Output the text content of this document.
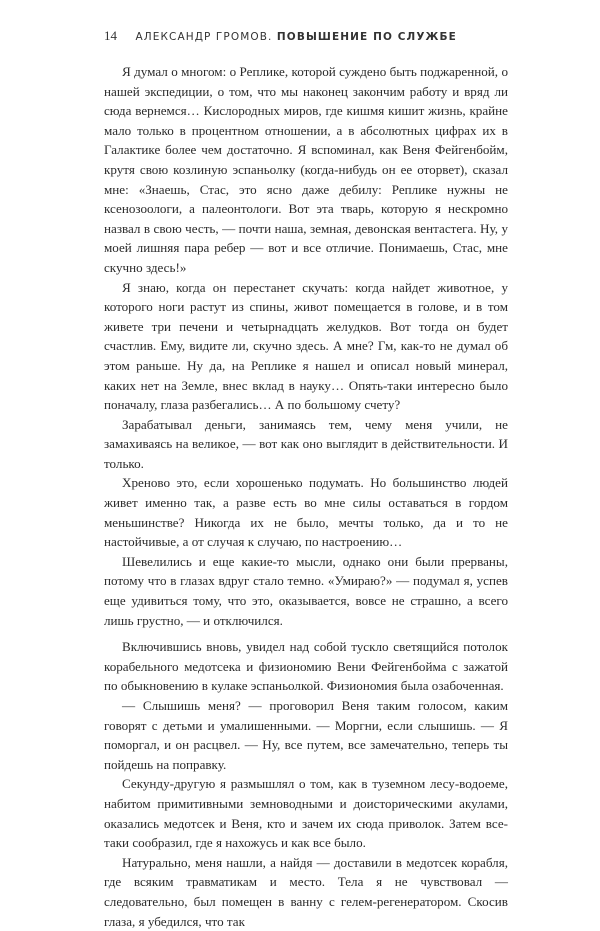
14 АЛЕКСАНДР ГРОМОВ. ПОВЫШЕНИЕ ПО СЛУЖБЕ

Я думал о многом: о Реплике, которой суждено быть поджаренной, о нашей экспедиции, о том, что мы наконец закончим работу и вряд ли сюда вернемся… Кислородных миров, где кишмя кишит жизнь, крайне мало только в процентном отношении, а в абсолютных цифрах их в Галактике более чем достаточно. Я вспоминал, как Веня Фейгенбойм, крутя свою козлиную эспаньолку (когда-нибудь он ее оторвет), сказал мне: «Знаешь, Стас, это ясно даже дебилу: Реплике нужны не ксенозоологи, а палеонтологи. Вот эта тварь, которую я нескромно назвал в свою честь, — почти наша, земная, девонская вентастега. Ну, у моей лишняя пара ребер — вот и все отличие. Понимаешь, Стас, мне скучно здесь!»

Я знаю, когда он перестанет скучать: когда найдет животное, у которого ноги растут из спины, живот помещается в голове, и в том живете три печени и четырнадцать желудков. Вот тогда он будет счастлив. Ему, видите ли, скучно здесь. А мне? Гм, как-то не думал об этом раньше. Ну да, на Реплике я нашел и описал новый минерал, каких нет на Земле, внес вклад в науку… Опять-таки интересно было поначалу, глаза разбегались… А по большому счету?

Зарабатывал деньги, занимаясь тем, чему меня учили, не замахиваясь на великое, — вот как оно выглядит в действительности. И только.

Хреново это, если хорошенько подумать. Но большинство людей живет именно так, а разве есть во мне силы оставаться в гордом меньшинстве? Никогда их не было, мечты только, да и то не настойчивые, а от случая к случаю, по настроению…

Шевелились и еще какие-то мысли, однако они были прерваны, потому что в глазах вдруг стало темно. «Умираю?» — подумал я, успев еще удивиться тому, что это, оказывается, вовсе не страшно, а всего лишь грустно, — и отключился.

Включившись вновь, увидел над собой тускло светящийся потолок корабельного медотсека и физиономию Вени Фейгенбойма с зажатой по обыкновению в кулаке эспаньолкой. Физиономия была озабоченная.

— Слышишь меня? — проговорил Веня таким голосом, каким говорят с детьми и умалишенными. — Моргни, если слышишь. — Я поморгал, и он расцвел. — Ну, все путем, все замечательно, теперь ты пойдешь на поправку.

Секунду-другую я размышлял о том, как в туземном лесу-водоеме, набитом примитивными земноводными и доисторическими акулами, оказались медотсек и Веня, кто и зачем их сюда приволок. Затем все-таки сообразил, где я нахожусь и как все было.

Натурально, меня нашли, а найдя — доставили в медотсек корабля, где всяким травматикам и место. Тела я не чувствовал — следовательно, был помещен в ванну с гелем-регенератором. Скосив глаза, я убедился, что так
